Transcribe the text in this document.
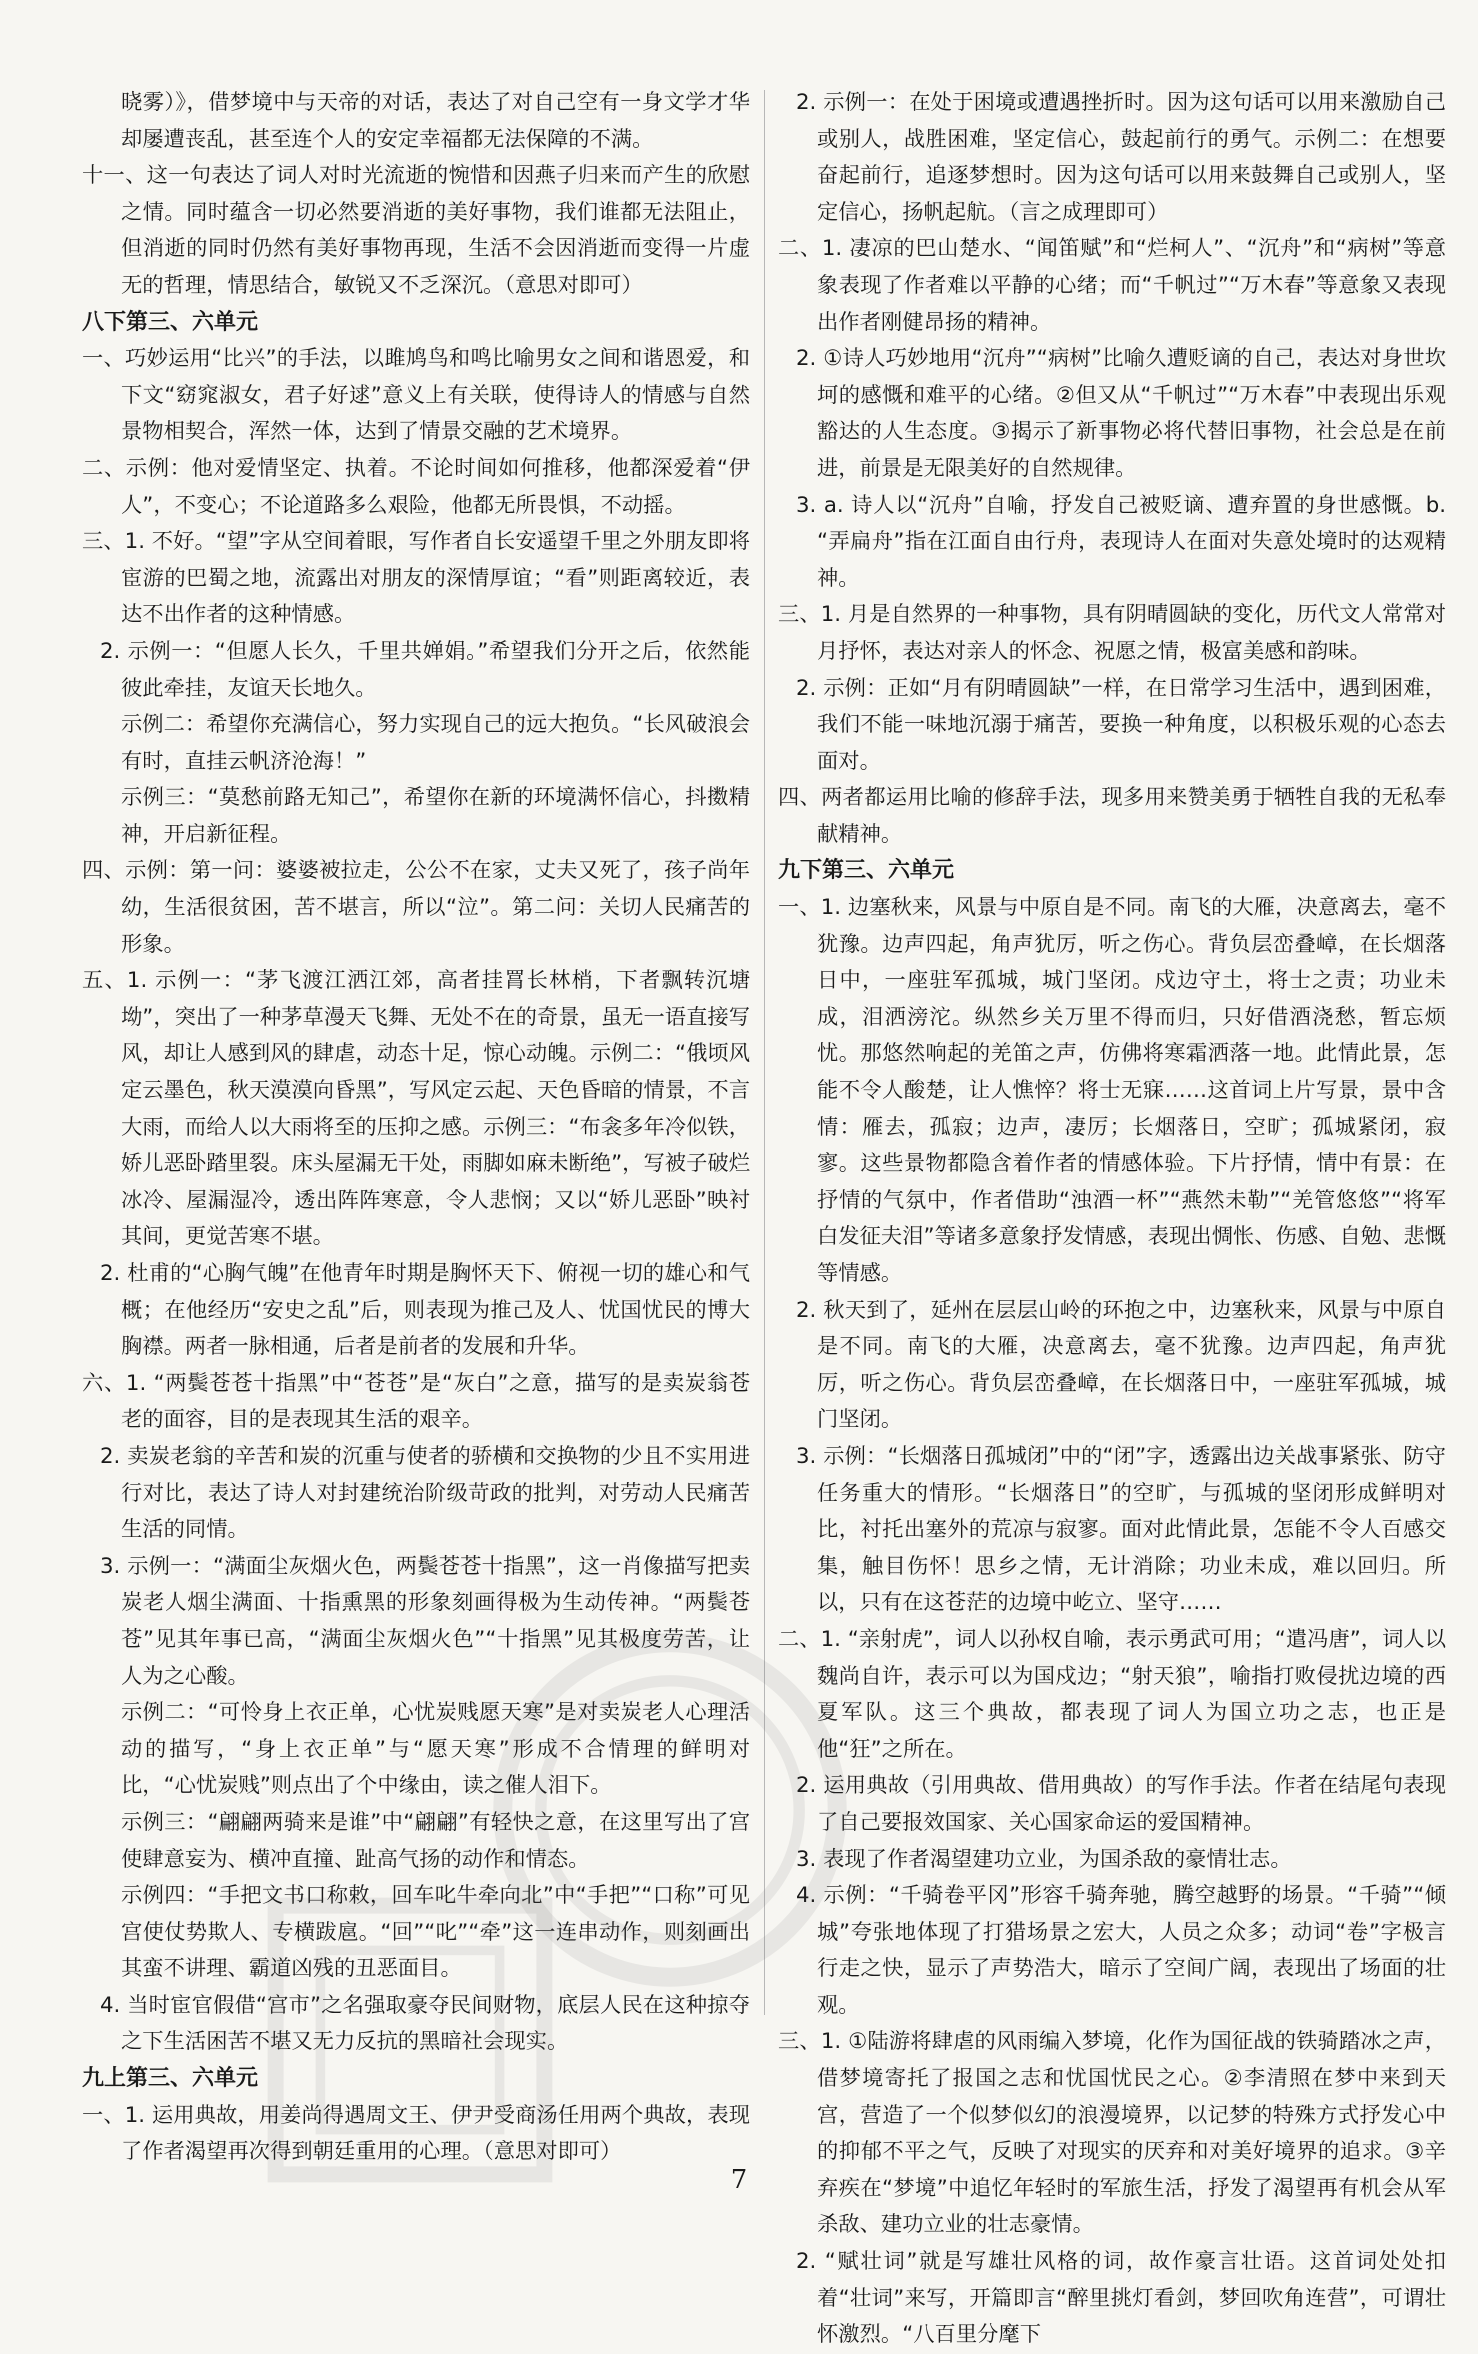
晓雾）》，借梦境中与天帝的对话，表达了对自己空有一身文学才华却屡遭丧乱，甚至连个人的安定幸福都无法保障的不满。

十一、这一句表达了词人对时光流逝的惋惜和因燕子归来而产生的欣慰之情。同时蕴含一切必然要消逝的美好事物，我们谁都无法阻止，但消逝的同时仍然有美好事物再现，生活不会因消逝而变得一片虚无的哲理，情思结合，敏锐又不乏深沉。（意思对即可）

八下第三、六单元

一、巧妙运用“比兴”的手法，以雎鸠鸟和鸣比喻男女之间和谐恩爱，和下文“窈窕淑女，君子好逑”意义上有关联，使得诗人的情感与自然景物相契合，浑然一体，达到了情景交融的艺术境界。

二、示例：他对爱情坚定、执着。不论时间如何推移，他都深爱着“伊人”，不变心；不论道路多么艰险，他都无所畏惧，不动摇。

三、1. 不好。“望”字从空间着眼，写作者自长安遥望千里之外朋友即将宦游的巴蜀之地，流露出对朋友的深情厚谊；“看”则距离较近，表达不出作者的这种情感。

2. 示例一：“但愿人长久，千里共婵娟。”希望我们分开之后，依然能彼此牵挂，友谊天长地久。

示例二：希望你充满信心，努力实现自己的远大抱负。“长风破浪会有时，直挂云帆济沧海！”

示例三：“莫愁前路无知己”，希望你在新的环境满怀信心，抖擞精神，开启新征程。

四、示例：第一问：婆婆被拉走，公公不在家，丈夫又死了，孩子尚年幼，生活很贫困，苦不堪言，所以“泣”。第二问：关切人民痛苦的形象。

五、1. 示例一：“茅飞渡江洒江郊，高者挂罥长林梢，下者飘转沉塘坳”，突出了一种茅草漫天飞舞、无处不在的奇景，虽无一语直接写风，却让人感到风的肆虐，动态十足，惊心动魄。示例二：“俄顷风定云墨色，秋天漠漠向昏黑”，写风定云起、天色昏暗的情景，不言大雨，而给人以大雨将至的压抑之感。示例三：“布衾多年冷似铁，娇儿恶卧踏里裂。床头屋漏无干处，雨脚如麻未断绝”，写被子破烂冰冷、屋漏湿冷，透出阵阵寒意，令人悲悯；又以“娇儿恶卧”映衬其间，更觉苦寒不堪。

2. 杜甫的“心胸气魄”在他青年时期是胸怀天下、俯视一切的雄心和气概；在他经历“安史之乱”后，则表现为推己及人、忧国忧民的博大胸襟。两者一脉相通，后者是前者的发展和升华。

六、1. “两鬓苍苍十指黑”中“苍苍”是“灰白”之意，描写的是卖炭翁苍老的面容，目的是表现其生活的艰辛。

2. 卖炭老翁的辛苦和炭的沉重与使者的骄横和交换物的少且不实用进行对比，表达了诗人对封建统治阶级苛政的批判，对劳动人民痛苦生活的同情。

3. 示例一：“满面尘灰烟火色，两鬓苍苍十指黑”，这一肖像描写把卖炭老人烟尘满面、十指熏黑的形象刻画得极为生动传神。“两鬓苍苍”见其年事已高，“满面尘灰烟火色”“十指黑”见其极度劳苦，让人为之心酸。

示例二：“可怜身上衣正单，心忧炭贱愿天寒”是对卖炭老人心理活动的描写，“身上衣正单”与“愿天寒”形成不合情理的鲜明对比，“心忧炭贱”则点出了个中缘由，读之催人泪下。

示例三：“翩翩两骑来是谁”中“翩翩”有轻快之意，在这里写出了宫使肆意妄为、横冲直撞、趾高气扬的动作和情态。

示例四：“手把文书口称敕，回车叱牛牵向北”中“手把”“口称”可见宫使仗势欺人、专横跋扈。“回”“叱”“牵”这一连串动作，则刻画出其蛮不讲理、霸道凶残的丑恶面目。

4. 当时宦官假借“宫市”之名强取豪夺民间财物，底层人民在这种掠夺之下生活困苦不堪又无力反抗的黑暗社会现实。

九上第三、六单元

一、1. 运用典故，用姜尚得遇周文王、伊尹受商汤任用两个典故，表现了作者渴望再次得到朝廷重用的心理。（意思对即可）

2. 示例一：在处于困境或遭遇挫折时。因为这句话可以用来激励自己或别人，战胜困难，坚定信心，鼓起前行的勇气。示例二：在想要奋起前行，追逐梦想时。因为这句话可以用来鼓舞自己或别人，坚定信心，扬帆起航。（言之成理即可）

二、1. 凄凉的巴山楚水、“闻笛赋”和“烂柯人”、“沉舟”和“病树”等意象表现了作者难以平静的心绪；而“千帆过”“万木春”等意象又表现出作者刚健昂扬的精神。

2. ①诗人巧妙地用“沉舟”“病树”比喻久遭贬谪的自己，表达对身世坎坷的感慨和难平的心绪。②但又从“千帆过”“万木春”中表现出乐观豁达的人生态度。③揭示了新事物必将代替旧事物，社会总是在前进，前景是无限美好的自然规律。

3. a. 诗人以“沉舟”自喻，抒发自己被贬谪、遭弃置的身世感慨。b. “弄扁舟”指在江面自由行舟，表现诗人在面对失意处境时的达观精神。

三、1. 月是自然界的一种事物，具有阴晴圆缺的变化，历代文人常常对月抒怀，表达对亲人的怀念、祝愿之情，极富美感和韵味。

2. 示例：正如“月有阴晴圆缺”一样，在日常学习生活中，遇到困难，我们不能一味地沉溺于痛苦，要换一种角度，以积极乐观的心态去面对。

四、两者都运用比喻的修辞手法，现多用来赞美勇于牺牲自我的无私奉献精神。

九下第三、六单元

一、1. 边塞秋来，风景与中原自是不同。南飞的大雁，决意离去，毫不犹豫。边声四起，角声犹厉，听之伤心。背负层峦叠嶂，在长烟落日中，一座驻军孤城，城门坚闭。戍边守土，将士之责；功业未成，泪洒滂沱。纵然乡关万里不得而归，只好借酒浇愁，暂忘烦忧。那悠然响起的羌笛之声，仿佛将寒霜洒落一地。此情此景，怎能不令人酸楚，让人憔悴？将士无寐……这首词上片写景，景中含情：雁去，孤寂；边声，凄厉；长烟落日，空旷；孤城紧闭，寂寥。这些景物都隐含着作者的情感体验。下片抒情，情中有景：在抒情的气氛中，作者借助“浊酒一杯”“燕然未勒”“羌管悠悠”“将军白发征夫泪”等诸多意象抒发情感，表现出惆怅、伤感、自勉、悲慨等情感。

2. 秋天到了，延州在层层山岭的环抱之中，边塞秋来，风景与中原自是不同。南飞的大雁，决意离去，毫不犹豫。边声四起，角声犹厉，听之伤心。背负层峦叠嶂，在长烟落日中，一座驻军孤城，城门坚闭。

3. 示例：“长烟落日孤城闭”中的“闭”字，透露出边关战事紧张、防守任务重大的情形。“长烟落日”的空旷，与孤城的坚闭形成鲜明对比，衬托出塞外的荒凉与寂寥。面对此情此景，怎能不令人百感交集，触目伤怀！思乡之情，无计消除；功业未成，难以回归。所以，只有在这苍茫的边境中屹立、坚守……

二、1. “亲射虎”，词人以孙权自喻，表示勇武可用；“遣冯唐”，词人以魏尚自许，表示可以为国戍边；“射天狼”，喻指打败侵扰边境的西夏军队。这三个典故，都表现了词人为国立功之志，也正是他“狂”之所在。

2. 运用典故（引用典故、借用典故）的写作手法。作者在结尾句表现了自己要报效国家、关心国家命运的爱国精神。

3. 表现了作者渴望建功立业，为国杀敌的豪情壮志。

4. 示例：“千骑卷平冈”形容千骑奔驰，腾空越野的场景。“千骑”“倾城”夸张地体现了打猎场景之宏大，人员之众多；动词“卷”字极言行走之快，显示了声势浩大，暗示了空间广阔，表现出了场面的壮观。

三、1. ①陆游将肆虐的风雨编入梦境，化作为国征战的铁骑踏冰之声，借梦境寄托了报国之志和忧国忧民之心。②李清照在梦中来到天宫，营造了一个似梦似幻的浪漫境界，以记梦的特殊方式抒发心中的抑郁不平之气，反映了对现实的厌弃和对美好境界的追求。③辛弃疾在“梦境”中追忆年轻时的军旅生活，抒发了渴望再有机会从军杀敌、建功立业的壮志豪情。

2. “赋壮词”就是写雄壮风格的词，故作豪言壮语。这首词处处扣着“壮词”来写，开篇即言“醉里挑灯看剑，梦回吹角连营”，可谓壮怀激烈。“八百里分麾下

7
